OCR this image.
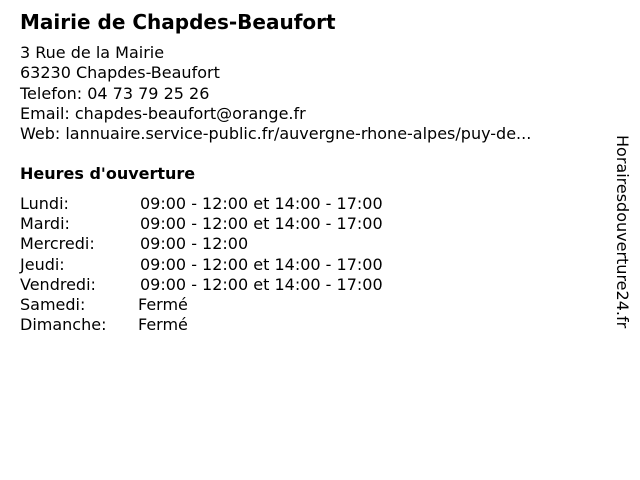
Mairie de Chapdes-Beaufort
3 Rue de la Mairie
63230 Chapdes-Beaufort
Telefon: 04 73 79 25 26
Email: chapdes-beaufort@orange.fr
Web: lannuaire.service-public.fr/auvergne-rhone-alpes/puy-de...
Heures d'ouverture
Lundi:	09:00 - 12:00 et 14:00 - 17:00
Mardi:	09:00 - 12:00 et 14:00 - 17:00
Mercredi:	09:00 - 12:00
Jeudi:	09:00 - 12:00 et 14:00 - 17:00
Vendredi:	09:00 - 12:00 et 14:00 - 17:00
Samedi:	Fermé
Dimanche: Fermé	Horairesdouverture24.fr
